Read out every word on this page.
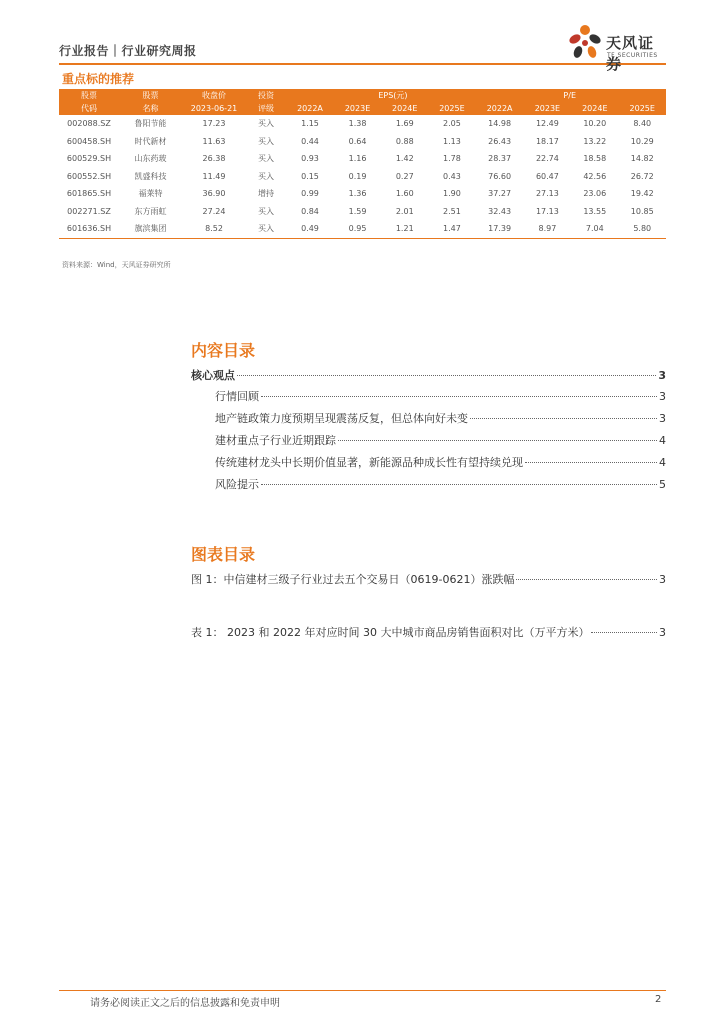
行业报告｜行业研究周报	天风证券
TF SECURITIES
重点标的推荐
股票	股票	收盘价	投资	EPS(元)				P/E			
代码	名称	2023-06-21	评级	2022A	2023E	2024E	2025E	2022A	2023E	2024E	2025E
002088.SZ	鲁阳节能	17.23	买入	1.15	1.38	1.69	2.05	14.98	12.49	10.20	8.40
600458.SH	时代新材	11.63	买入	0.44	0.64	0.88	1.13	26.43	18.17	13.22	10.29
600529.SH	山东药玻	26.38	买入	0.93	1.16	1.42	1.78	28.37	22.74	18.58	14.82
600552.SH	凯盛科技	11.49	买入	0.15	0.19	0.27	0.43	76.60	60.47	42.56	26.72
601865.SH	福莱特	36.90	增持	0.99	1.36	1.60	1.90	37.27	27.13	23.06	19.42
002271.SZ	东方雨虹	27.24	买入	0.84	1.59	2.01	2.51	32.43	17.13	13.55	10.85
601636.SH	旗滨集团	8.52	买入	0.49	0.95	1.21	1.47	17.39	8.97	7.04	5.80
资料来源：Wind，天风证券研究所
内容目录
核心观点	3
行情回顾	3
地产链政策力度预期呈现震荡反复，但总体向好未变	3
建材重点子行业近期跟踪	4
传统建材龙头中长期价值显著，新能源品种成长性有望持续兑现	4
风险提示	5
图表目录
图 1：中信建材三级子行业过去五个交易日（0619-0621）涨跌幅	3
表 1： 2023 和 2022 年对应时间 30 大中城市商品房销售面积对比（万平方米）	3
请务必阅读正文之后的信息披露和免责申明	2
